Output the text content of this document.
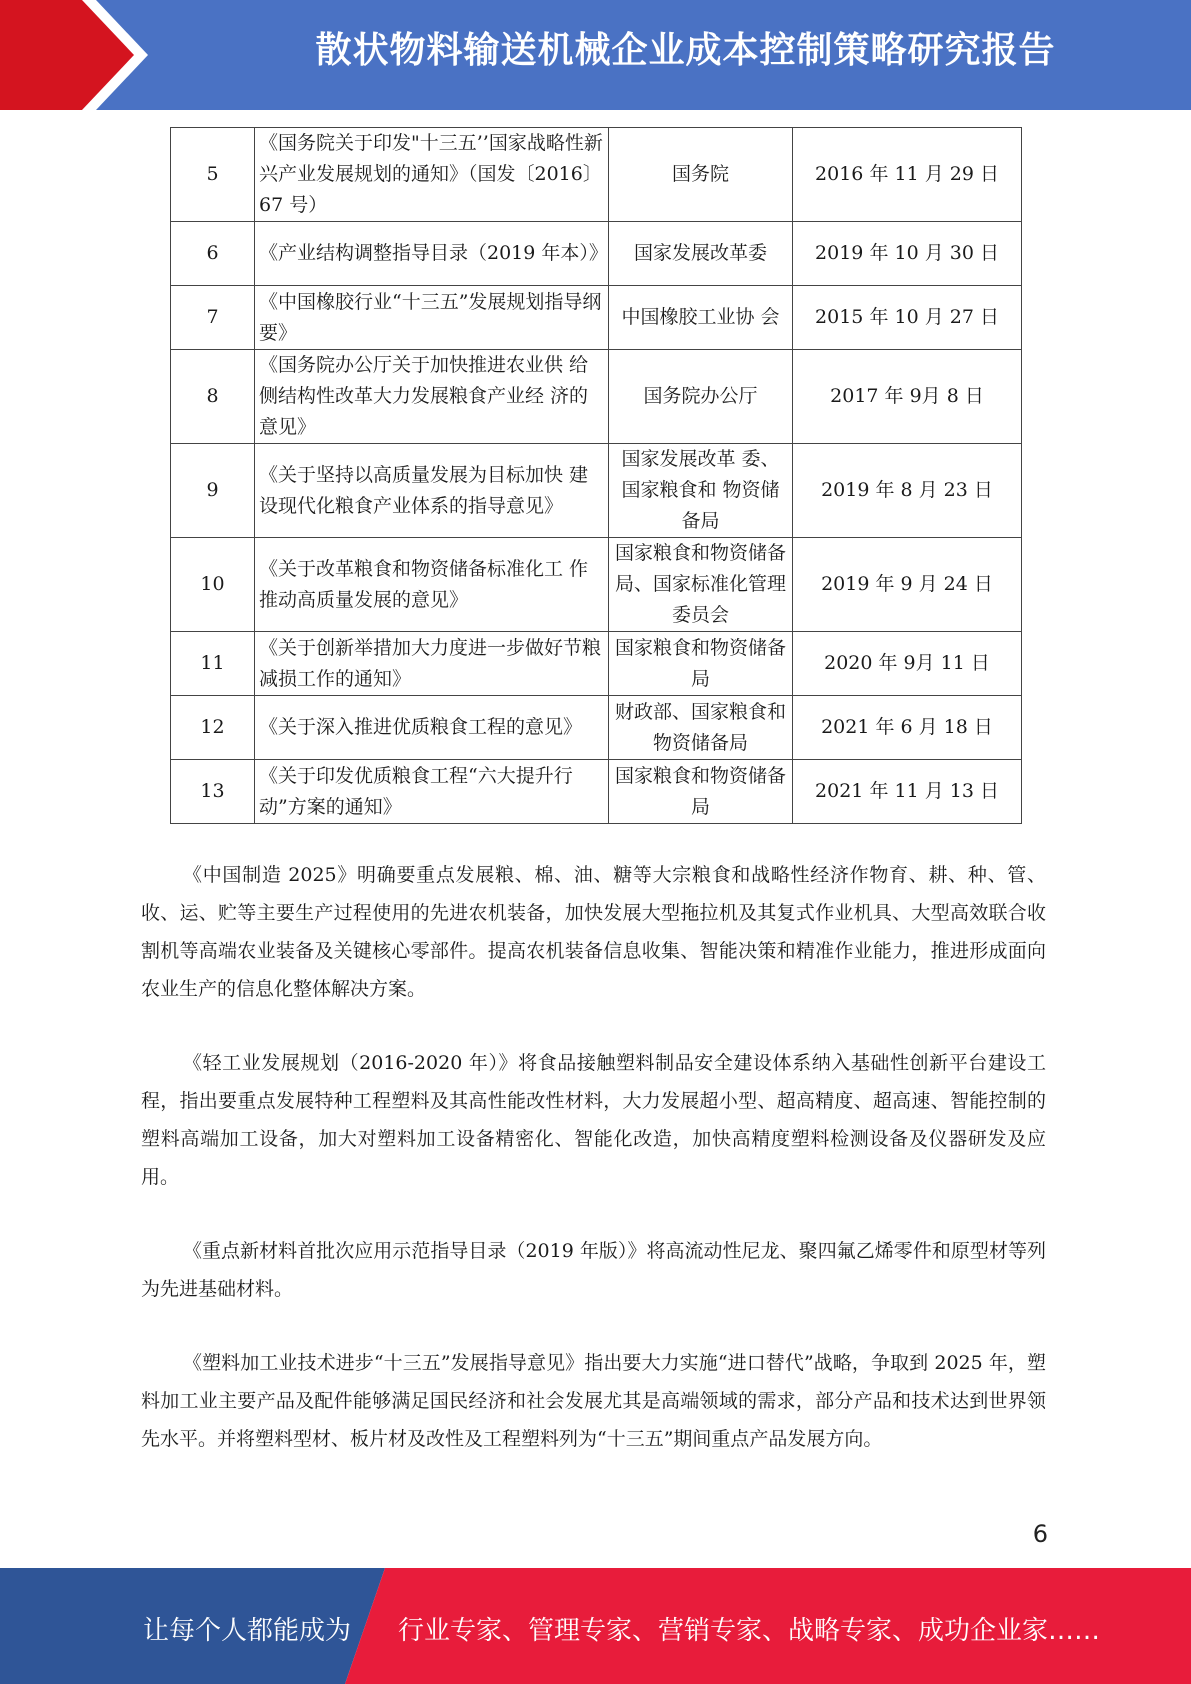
散状物料输送机械企业成本控制策略研究报告
5	《国务院关于印发"十三五’’国家战略性新兴产业发展规划的通知》（国发〔2016〕 67 号）	国务院	2016 年 11 月 29 日
6	《产业结构调整指导目录（2019 年本）》	国家发展改革委	2019 年 10 月 30 日
7	《中国橡胶行业“十三五”发展规划指导纲要》	中国橡胶工业协 会	2015 年 10 月 27 日
8	《国务院办公厅关于加快推进农业供 给侧结构性改革大力发展粮食产业经 济的意见》	国务院办公厅	2017 年 9月 8 日
9	《关于坚持以高质量发展为目标加快 建设现代化粮食产业体系的指导意见》	国家发展改革 委、国家粮食和 物资储备局	2019 年 8 月 23 日
10	《关于改革粮食和物资储备标准化工 作推动高质量发展的意见》	国家粮食和物资储备局、国家标准化管理委员会	2019 年 9 月 24 日
11	《关于创新举措加大力度进一步做好节粮减损工作的通知》	国家粮食和物资储备局	2020 年 9月 11 日
12	《关于深入推进优质粮食工程的意见》	财政部、国家粮食和物资储备局	2021 年 6 月 18 日
13	《关于印发优质粮食工程“六大提升行动”方案的通知》	国家粮食和物资储备局	2021 年 11 月 13 日

《中国制造 2025》明确要重点发展粮、棉、油、糖等大宗粮食和战略性经济作物育、耕、种、管、收、运、贮等主要生产过程使用的先进农机装备，加快发展大型拖拉机及其复式作业机具、大型高效联合收割机等高端农业装备及关键核心零部件。提高农机装备信息收集、智能决策和精准作业能力，推进形成面向农业生产的信息化整体解决方案。

《轻工业发展规划（2016-2020 年）》将食品接触塑料制品安全建设体系纳入基础性创新平台建设工程，指出要重点发展特种工程塑料及其高性能改性材料，大力发展超小型、超高精度、超高速、智能控制的塑料高端加工设备，加大对塑料加工设备精密化、智能化改造，加快高精度塑料检测设备及仪器研发及应用。

《重点新材料首批次应用示范指导目录（2019 年版）》将高流动性尼龙、聚四氟乙烯零件和原型材等列为先进基础材料。

《塑料加工业技术进步“十三五”发展指导意见》指出要大力实施“进口替代”战略，争取到 2025 年，塑料加工业主要产品及配件能够满足国民经济和社会发展尤其是高端领域的需求，部分产品和技术达到世界领先水平。并将塑料型材、板片材及改性及工程塑料列为“十三五”期间重点产品发展方向。

6
让每个人都能成为 行业专家、管理专家、营销专家、战略专家、成功企业家……
